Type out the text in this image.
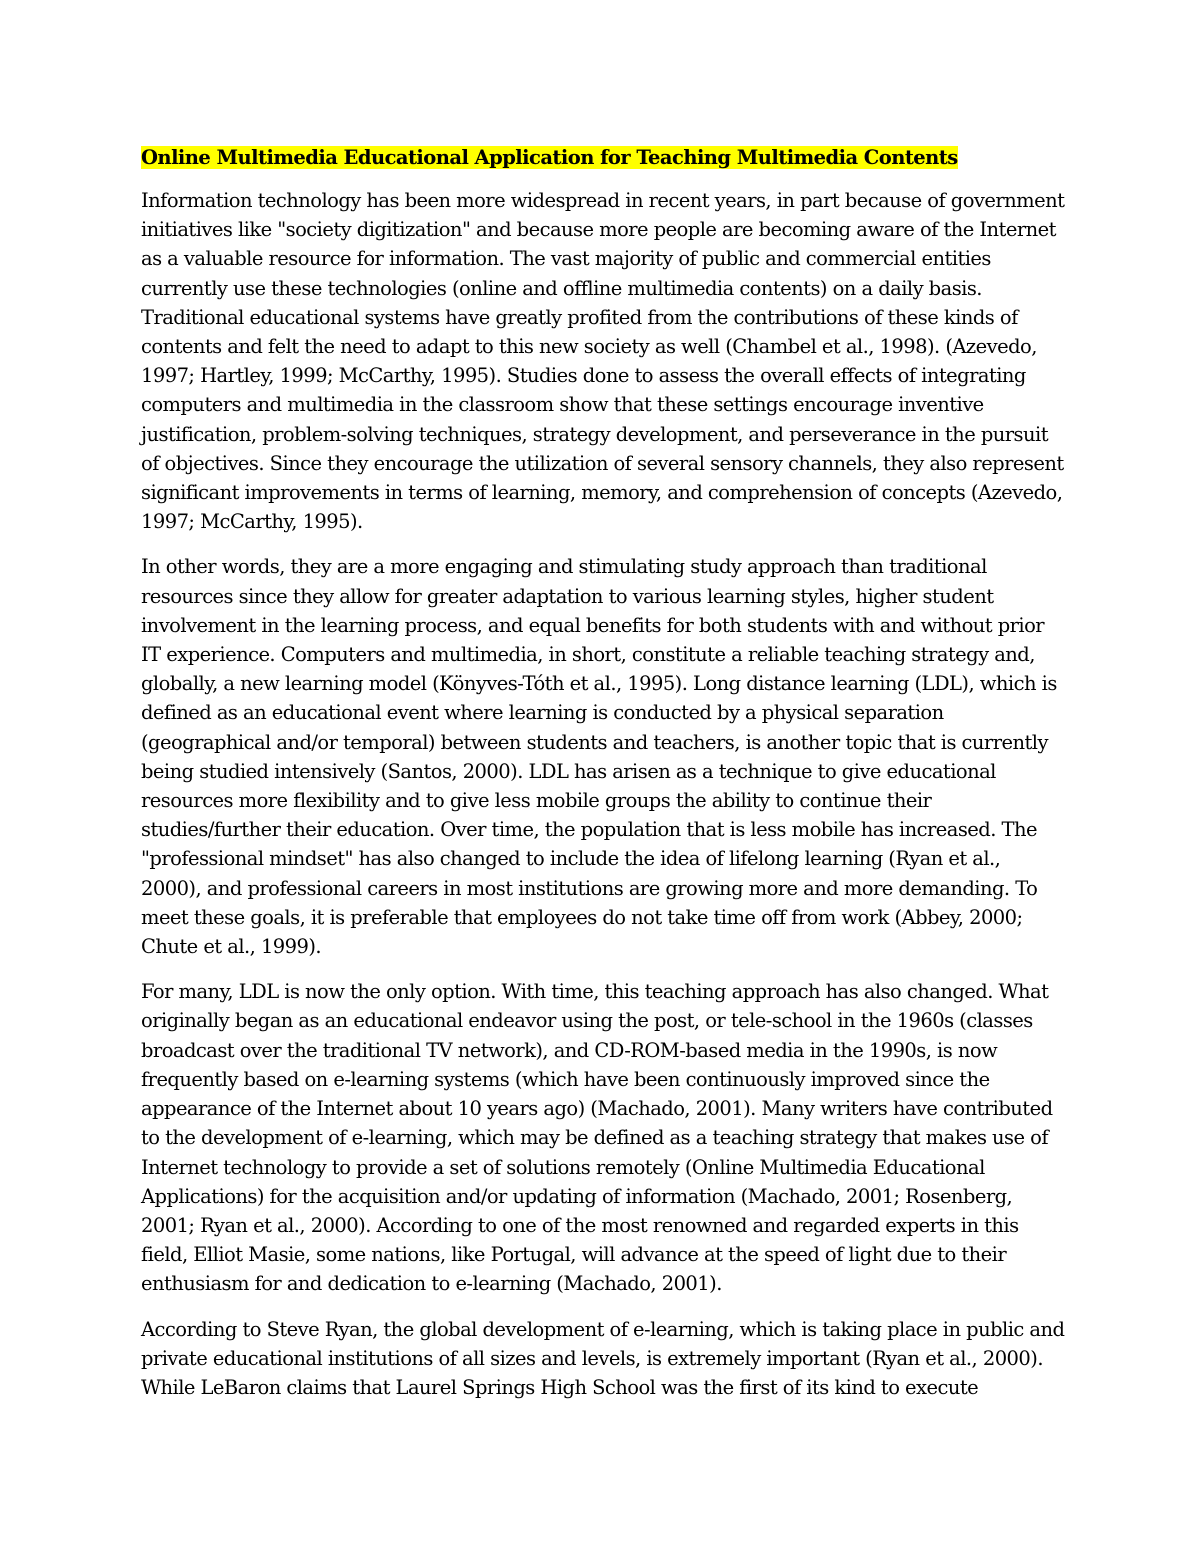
Online Multimedia Educational Application for Teaching Multimedia Contents

Information technology has been more widespread in recent years, in part because of government initiatives like "society digitization" and because more people are becoming aware of the Internet as a valuable resource for information. The vast majority of public and commercial entities currently use these technologies (online and offline multimedia contents) on a daily basis. Traditional educational systems have greatly profited from the contributions of these kinds of contents and felt the need to adapt to this new society as well (Chambel et al., 1998). (Azevedo, 1997; Hartley, 1999; McCarthy, 1995). Studies done to assess the overall effects of integrating computers and multimedia in the classroom show that these settings encourage inventive justification, problem-solving techniques, strategy development, and perseverance in the pursuit of objectives. Since they encourage the utilization of several sensory channels, they also represent significant improvements in terms of learning, memory, and comprehension of concepts (Azevedo, 1997; McCarthy, 1995).

In other words, they are a more engaging and stimulating study approach than traditional resources since they allow for greater adaptation to various learning styles, higher student involvement in the learning process, and equal benefits for both students with and without prior IT experience. Computers and multimedia, in short, constitute a reliable teaching strategy and, globally, a new learning model (Könyves-Tóth et al., 1995). Long distance learning (LDL), which is defined as an educational event where learning is conducted by a physical separation (geographical and/or temporal) between students and teachers, is another topic that is currently being studied intensively (Santos, 2000). LDL has arisen as a technique to give educational resources more flexibility and to give less mobile groups the ability to continue their studies/further their education. Over time, the population that is less mobile has increased. The "professional mindset" has also changed to include the idea of lifelong learning (Ryan et al., 2000), and professional careers in most institutions are growing more and more demanding. To meet these goals, it is preferable that employees do not take time off from work (Abbey, 2000; Chute et al., 1999).

For many, LDL is now the only option. With time, this teaching approach has also changed. What originally began as an educational endeavor using the post, or tele-school in the 1960s (classes broadcast over the traditional TV network), and CD-ROM-based media in the 1990s, is now frequently based on e-learning systems (which have been continuously improved since the appearance of the Internet about 10 years ago) (Machado, 2001). Many writers have contributed to the development of e-learning, which may be defined as a teaching strategy that makes use of Internet technology to provide a set of solutions remotely (Online Multimedia Educational Applications) for the acquisition and/or updating of information (Machado, 2001; Rosenberg, 2001; Ryan et al., 2000). According to one of the most renowned and regarded experts in this field, Elliot Masie, some nations, like Portugal, will advance at the speed of light due to their enthusiasm for and dedication to e-learning (Machado, 2001).

According to Steve Ryan, the global development of e-learning, which is taking place in public and private educational institutions of all sizes and levels, is extremely important (Ryan et al., 2000). While LeBaron claims that Laurel Springs High School was the first of its kind to execute
